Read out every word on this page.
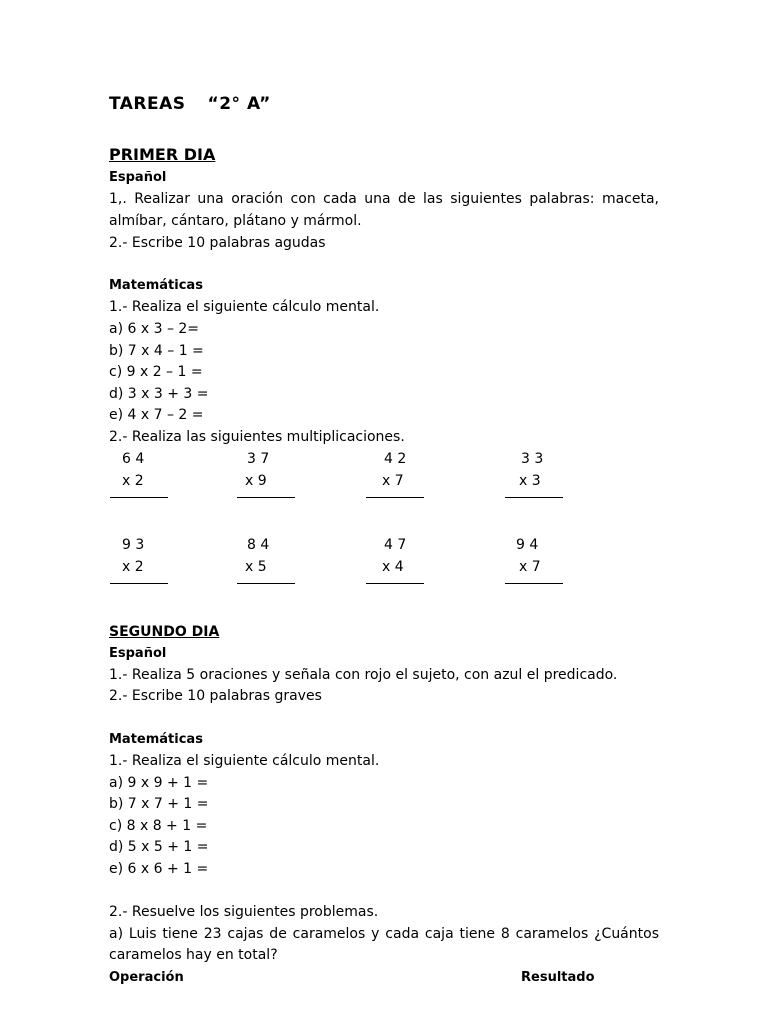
TAREAS “2° A”
PRIMER DIA
Español
1,. Realizar una oración con cada una de las siguientes palabras: maceta,
almíbar, cántaro, plátano y mármol.
2.- Escribe 10 palabras agudas
Matemáticas
1.- Realiza el siguiente cálculo mental.
a) 6 x 3 – 2=
b) 7 x 4 – 1 =
c) 9 x 2 – 1 =
d) 3 x 3 + 3 =
e) 4 x 7 – 2 =
2.- Realiza las siguientes multiplicaciones.
6 4
x 2
3 7
x 9
4 2
x 7
3 3
x 3
9 3
x 2
8 4
x 5
4 7
x 4
9 4
x 7
SEGUNDO DIA
Español
1.- Realiza 5 oraciones y señala con rojo el sujeto, con azul el predicado.
2.- Escribe 10 palabras graves
Matemáticas
1.- Realiza el siguiente cálculo mental.
a) 9 x 9 + 1 =
b) 7 x 7 + 1 =
c) 8 x 8 + 1 =
d) 5 x 5 + 1 =
e) 6 x 6 + 1 =
2.- Resuelve los siguientes problemas.
a) Luis tiene 23 cajas de caramelos y cada caja tiene 8 caramelos ¿Cuántos
caramelos hay en total?
Operación	Resultado
